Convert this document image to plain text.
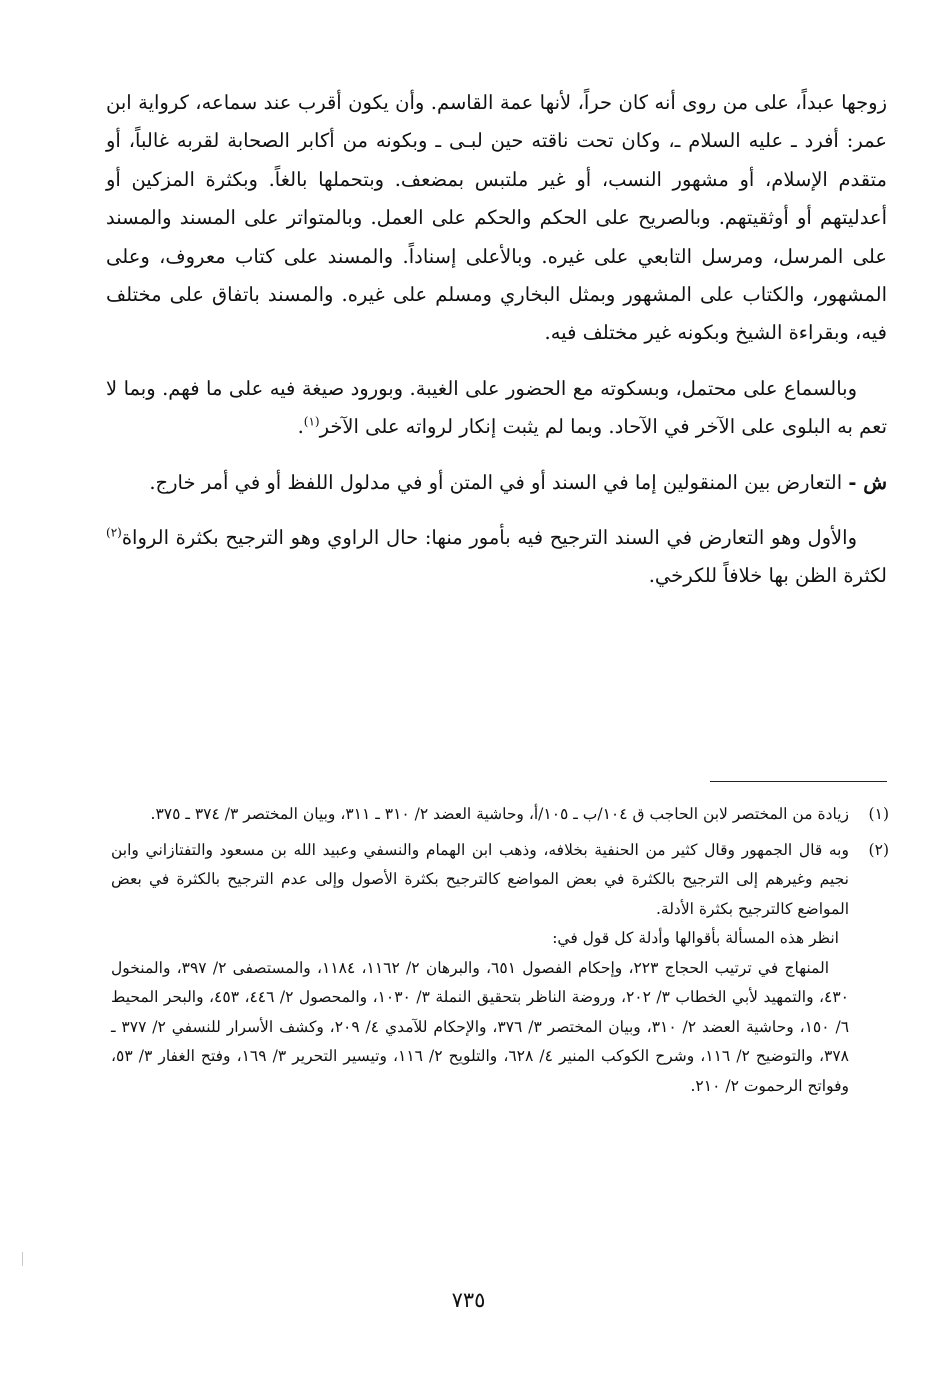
زوجها عبداً، على من روى أنه كان حراً، لأنها عمة القاسم. وأن يكون أقرب عند سماعه، كرواية ابن عمر: أفرد ـ عليه السلام ـ، وكان تحت ناقته حين لبـى ـ وبكونه من أكابر الصحابة لقربه غالباً، أو متقدم الإسلام، أو مشهور النسب، أو غير ملتبس بمضعف. وبتحملها بالغاً. وبكثرة المزكين أو أعدليتهم أو أوثقيتهم. وبالصريح على الحكم والحكم على العمل. وبالمتواتر على المسند والمسند على المرسل، ومرسل التابعي على غيره. وبالأعلى إسناداً. والمسند على كتاب معروف، وعلى المشهور، والكتاب على المشهور وبمثل البخاري ومسلم على غيره. والمسند باتفاق على مختلف فيه، وبقراءة الشيخ وبكونه غير مختلف فيه.

وبالسماع على محتمل، وبسكوته مع الحضور على الغيبة. وبورود صيغة فيه على ما فهم. وبما لا تعم به البلوى على الآخر في الآحاد. وبما لم يثبت إنكار لرواته على الآخر$^{(١)}$.

ش - التعارض بين المنقولين إما في السند أو في المتن أو في مدلول اللفظ أو في أمر خارج.

والأول وهو التعارض في السند الترجيح فيه بأمور منها: حال الراوي وهو الترجيح بكثرة الرواة$^{(٢)}$ لكثرة الظن بها خلافاً للكرخي.

(١)

زيادة من المختصر لابن الحاجب ق ١٠٤/ب ـ ١٠٥/أ، وحاشية العضد ٢/ ٣١٠ ـ ٣١١، وبيان المختصر ٣/ ٣٧٤ ـ ٣٧٥.

(٢)

وبه قال الجمهور وقال كثير من الحنفية بخلافه، وذهب ابن الهمام والنسفي وعبيد الله بن مسعود والتفتازاني وابن نجيم وغيرهم إلى الترجيح بالكثرة في بعض المواضع كالترجيح بكثرة الأصول وإلى عدم الترجيح بالكثرة في بعض المواضع كالترجيح بكثرة الأدلة.

انظر هذه المسألة بأقوالها وأدلة كل قول في:

المنهاج في ترتيب الحجاج ٢٢٣، وإحكام الفصول ٦٥١، والبرهان ٢/ ١١٦٢، ١١٨٤، والمستصفى ٢/ ٣٩٧، والمنخول ٤٣٠، والتمهيد لأبي الخطاب ٣/ ٢٠٢، وروضة الناظر بتحقيق النملة ٣/ ١٠٣٠، والمحصول ٢/ ٤٤٦، ٤٥٣، والبحر المحيط ٦/ ١٥٠، وحاشية العضد ٢/ ٣١٠، وبيان المختصر ٣/ ٣٧٦، والإحكام للآمدي ٤/ ٢٠٩، وكشف الأسرار للنسفي ٢/ ٣٧٧ ـ ٣٧٨، والتوضيح ٢/ ١١٦، وشرح الكوكب المنير ٤/ ٦٢٨، والتلويح ٢/ ١١٦، وتيسير التحرير ٣/ ١٦٩، وفتح الغفار ٣/ ٥٣، وفواتح الرحموت ٢/ ٢١٠.

٧٣٥
